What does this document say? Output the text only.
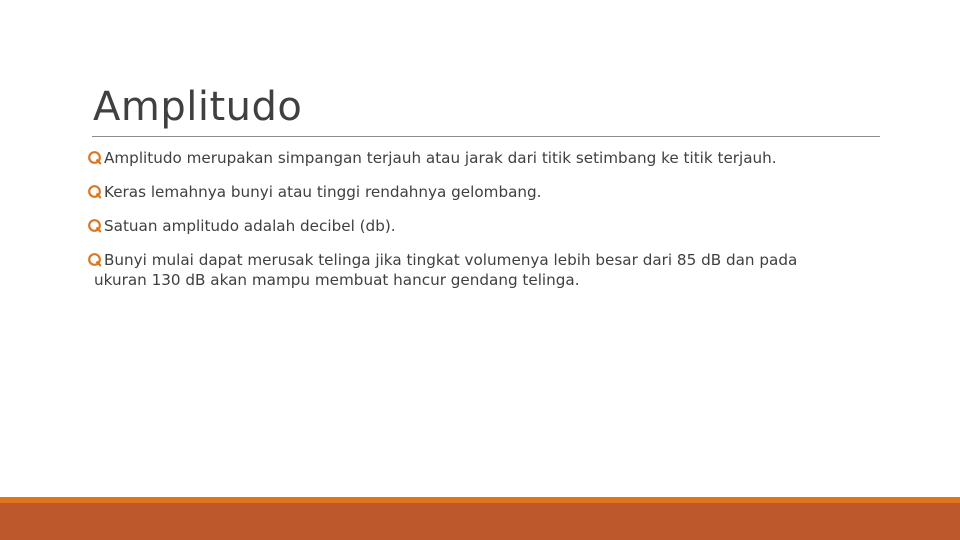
Amplitudo
Amplitudo merupakan simpangan terjauh atau jarak dari titik setimbang ke titik terjauh.
Keras lemahnya bunyi atau tinggi rendahnya gelombang.
Satuan amplitudo adalah decibel (db).
Bunyi mulai dapat merusak telinga jika tingkat volumenya lebih besar dari 85 dB dan pada
ukuran 130 dB akan mampu membuat hancur gendang telinga.
